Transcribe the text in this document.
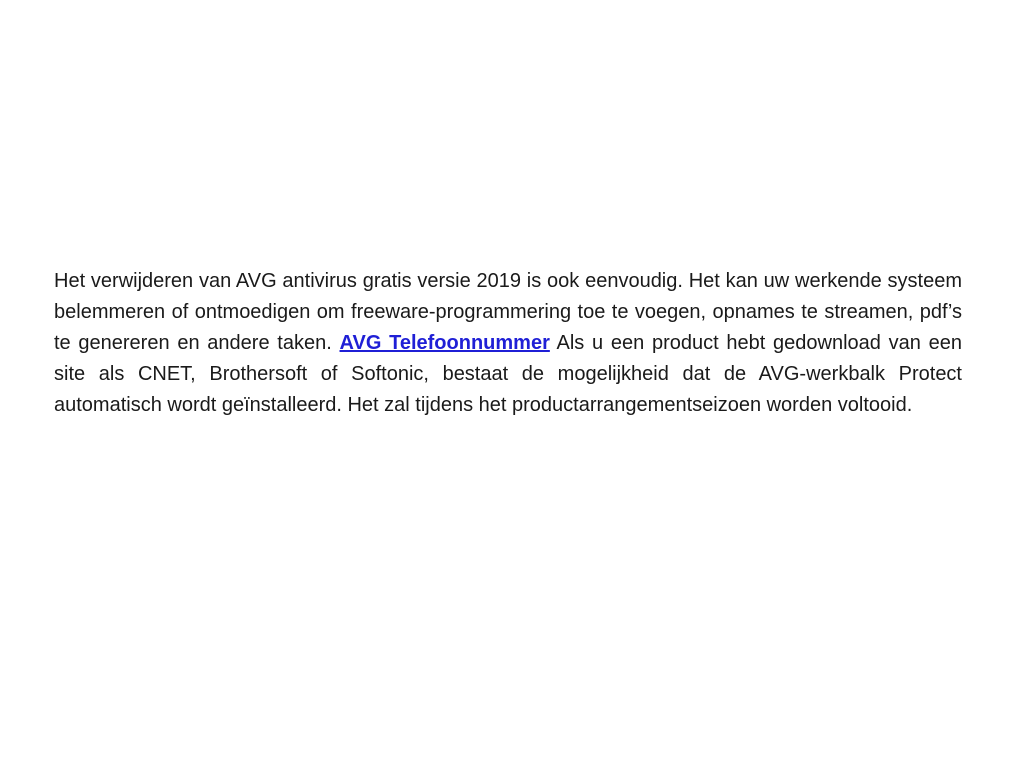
Het verwijderen van AVG antivirus gratis versie 2019 is ook eenvoudig. Het kan uw werkende systeem belemmeren of ontmoedigen om freeware-programmering toe te voegen, opnames te streamen, pdf’s te genereren en andere taken. AVG Telefoonnummer Als u een product hebt gedownload van een site als CNET, Brothersoft of Softonic, bestaat de mogelijkheid dat de AVG-werkbalk Protect automatisch wordt geïnstalleerd. Het zal tijdens het productarrangementseizoen worden voltooid.
